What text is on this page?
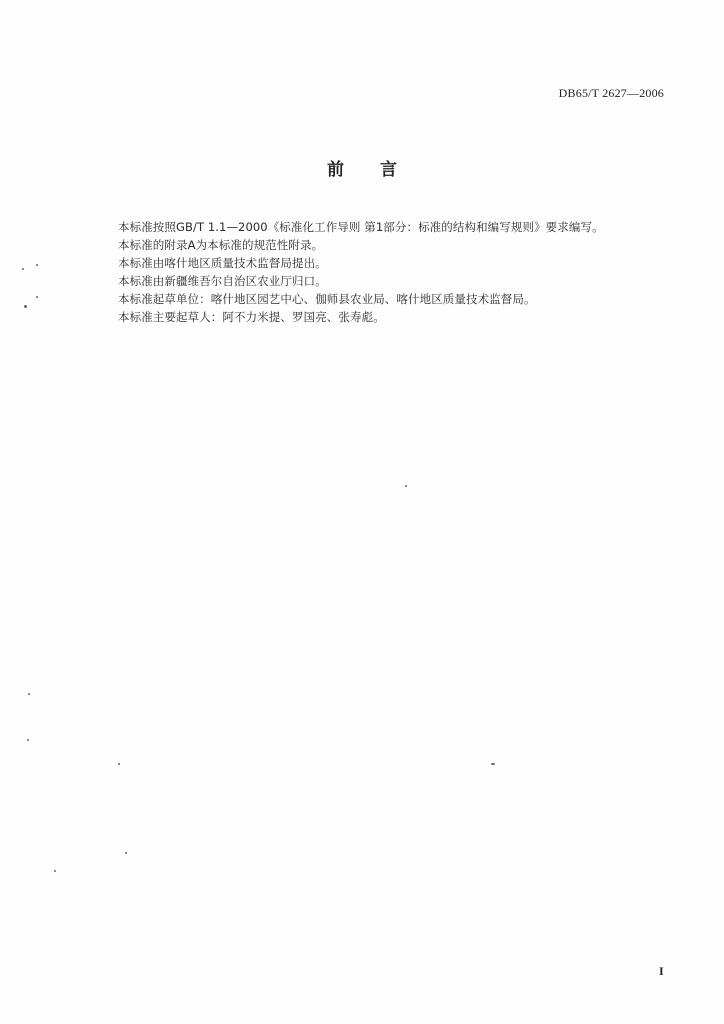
DB65/T 2627—2006
前 言
本标准按照GB/T 1.1—2000《标准化工作导则 第1部分：标准的结构和编写规则》要求编写。
本标准的附录A为本标准的规范性附录。
本标准由喀什地区质量技术监督局提出。
本标准由新疆维吾尔自治区农业厅归口。
本标准起草单位：喀什地区园艺中心、伽师县农业局、喀什地区质量技术监督局。
本标准主要起草人：阿不力米提、罗国亮、张寿彪。
I
